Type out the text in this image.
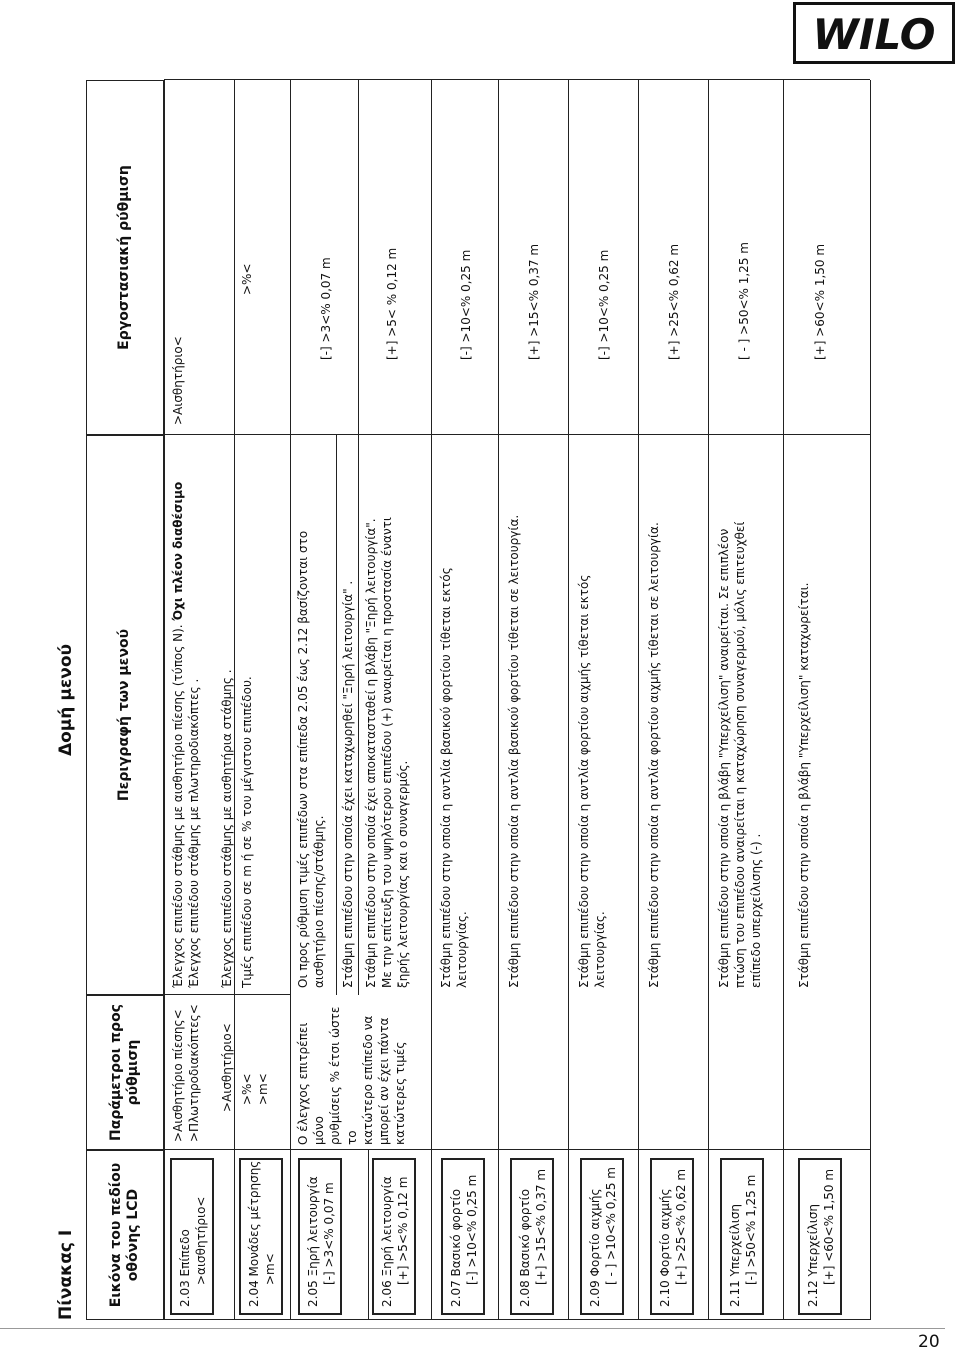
WILO
Πίνακας Ι
Δομή μενού
Εικόνα του πεδίου οθόνης LCD
Παράμετροι προς ρύθμιση
Περιγραφή των μενού
Εργοστασιακή ρύθμιση
2.03 Επίπεδο >αισθητήριο<
>Αισθητήριο πίεσης< >Πλωτηροδιακόπτες<
>Αισθητήριο<
Έλεγχος επιπέδου στάθμης με αισθητήριο πίεσης (τύπος Ν). Όχι πλέον διαθέσιμο
Έλεγχος επιπέδου στάθμης με πλωτηροδιακόπτες .
Έλεγχος επιπέδου στάθμης με αισθητήρια στάθμης .
>Αισθητήριο<
2.04 Μονάδες μέτρησης >m<
>%< >m<
Τιμές επιπέδου σε m ή σε % του μέγιστου επιπέδου.
>%<
Ο έλεγχος επιτρέπει μόνο ρυθμίσεις % έτσι ώστε το κατώτερο επίπεδο να μπορεί αν έχει πάντα κατώτερες τιμές
Οι προς ρύθμιση τιμές επιπέδων στα επίπεδα 2.05 έως 2.12 βασίζονται στο αισθητήριο πίεσης/στάθμης.
2.05 Ξηρή λειτουργία [-] >3<% 0,07 m
Στάθμη επιπέδου στην οποία έχει καταχωρηθεί "Ξηρή λειτουργία" .
[-] >3<% 0,07 m
2.06 Ξηρή λειτουργία [+] >5<% 0,12 m
Στάθμη επιπέδου στην οποία έχει αποκατασταθεί η βλάβη "Ξηρή λειτουργία". Με την επίτευξη του υψηλότερου επιπέδου (+) αναιρείται η προστασία έναντι ξηρής λειτουργίας και ο συναγερμός.
[+] >5< % 0,12 m
2.07 Βασικό φορτίο [-] >10<% 0,25 m
Στάθμη επιπέδου στην οποία η αντλία βασικού φορτίου τίθεται εκτός λειτουργίας.
[-] >10<% 0,25 m
2.08 Βασικό φορτίο [+] >15<% 0,37 m
Στάθμη επιπέδου στην οποία η αντλία βασικού φορτίου τίθεται σε λειτουργία.
[+] >15<% 0,37 m
2.09 Φορτίο αιχμής [ - ] >10<% 0,25 m
Στάθμη επιπέδου στην οποία η αντλία φορτίου αιχμής τίθεται εκτός λειτουργίας.
[-] >10<% 0,25 m
2.10 Φορτίο αιχμής [+] >25<% 0,62 m
Στάθμη επιπέδου στην οποία η αντλία φορτίου αιχμής τίθεται σε λειτουργία.
[+] >25<% 0,62 m
2.11 Υπερχείλιση [-] >50<% 1,25 m
Στάθμη επιπέδου στην οποία η βλάβη "Υπερχείλιση" αναιρείται. Σε επιπλέον πτώση του επιπέδου αναιρείται η καταχώρηση συναγερμού, μόλις επιτευχθεί επίπεδο υπερχείλισης (-) .
[ - ] >50<% 1,25 m
2.12 Υπερχείλιση [+] <60<% 1,50 m
Στάθμη επιπέδου στην οποία η βλάβη "Υπερχείλιση" καταχωρείται.
[+] >60<% 1,50 m
20
